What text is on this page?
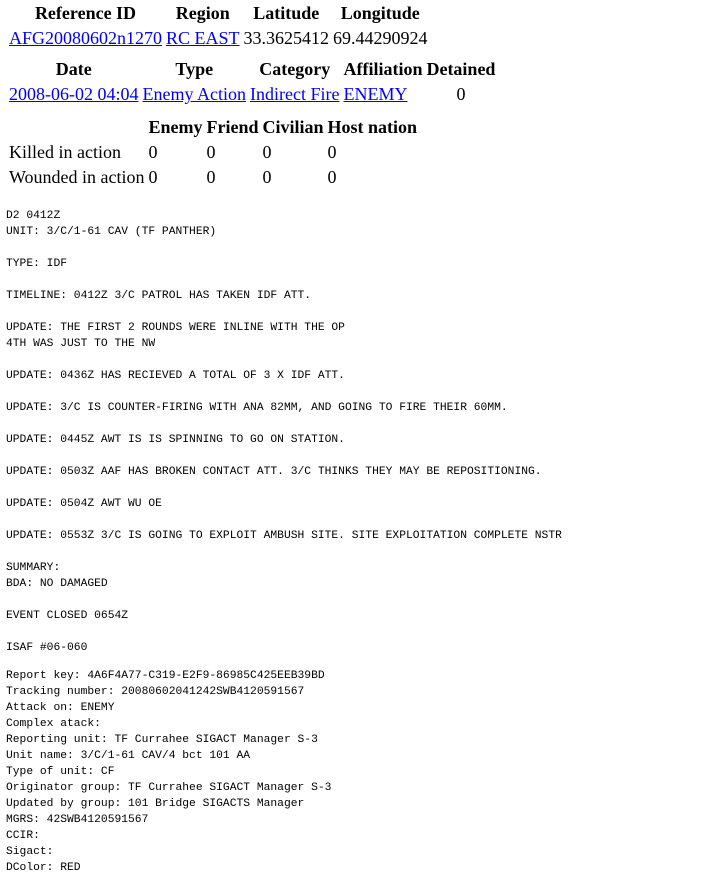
Reference ID	Region	Latitude	Longitude
AFG20080602n1270	RC EAST	33.3625412	69.44290924
Date	Type	Category	Affiliation	Detained
2008-06-02 04:04	Enemy Action	Indirect Fire	ENEMY	0
	Enemy	Friend	Civilian	Host nation
Killed in action	0	0	0	0
Wounded in action	0	0	0	0
D2 0412Z
UNIT: 3/C/1-61 CAV (TF PANTHER)

TYPE: IDF

TIMELINE: 0412Z 3/C PATROL HAS TAKEN IDF ATT.

UPDATE: THE FIRST 2 ROUNDS WERE INLINE WITH THE OP
4TH WAS JUST TO THE NW

UPDATE: 0436Z HAS RECIEVED A TOTAL OF 3 X IDF ATT.

UPDATE: 3/C IS COUNTER-FIRING WITH ANA 82MM, AND GOING TO FIRE THEIR 60MM.

UPDATE: 0445Z AWT IS IS SPINNING TO GO ON STATION.

UPDATE: 0503Z AAF HAS BROKEN CONTACT ATT. 3/C THINKS THEY MAY BE REPOSITIONING.

UPDATE: 0504Z AWT WU OE

UPDATE: 0553Z 3/C IS GOING TO EXPLOIT AMBUSH SITE. SITE EXPLOITATION COMPLETE NSTR

SUMMARY:
BDA: NO DAMAGED

EVENT CLOSED 0654Z

ISAF #06-060
Report key: 4A6F4A77-C319-E2F9-86985C425EEB39BD
Tracking number: 20080602041242SWB4120591567
Attack on: ENEMY
Complex atack:
Reporting unit: TF Currahee SIGACT Manager S-3
Unit name: 3/C/1-61 CAV/4 bct 101 AA
Type of unit: CF
Originator group: TF Currahee SIGACT Manager S-3
Updated by group: 101 Bridge SIGACTS Manager
MGRS: 42SWB4120591567
CCIR:
Sigact:
DColor: RED
